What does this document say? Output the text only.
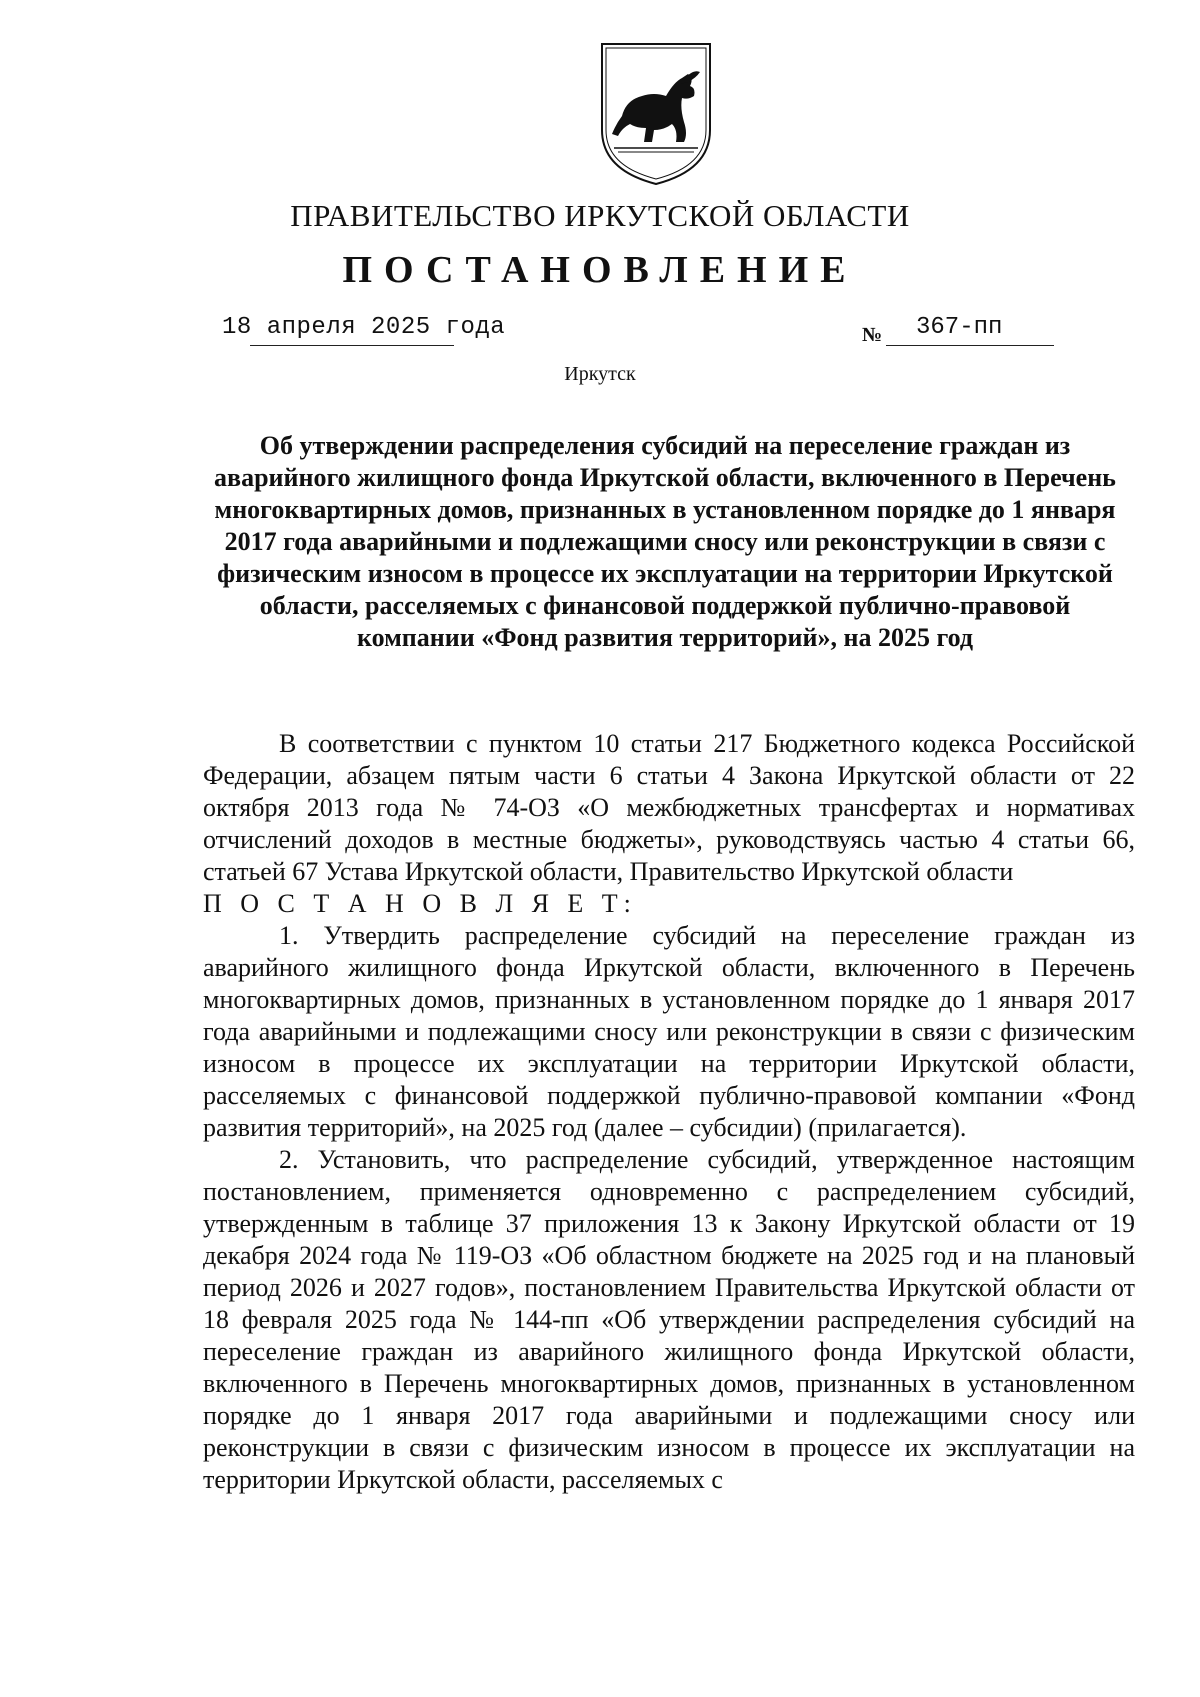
ПРАВИТЕЛЬСТВО ИРКУТСКОЙ ОБЛАСТИ
ПОСТАНОВЛЕНИЕ
18 апреля 2025 года	№ 367-пп
Иркутск
Об утверждении распределения субсидий на переселение граждан из аварийного жилищного фонда Иркутской области, включенного в Перечень многоквартирных домов, признанных в установленном порядке до 1 января 2017 года аварийными и подлежащими сносу или реконструкции в связи с физическим износом в процессе их эксплуатации на территории Иркутской области, расселяемых с финансовой поддержкой публично-правовой компании «Фонд развития территорий», на 2025 год

В соответствии с пунктом 10 статьи 217 Бюджетного кодекса Российской Федерации, абзацем пятым части 6 статьи 4 Закона Иркутской области от 22 октября 2013 года № 74-ОЗ «О межбюджетных трансфертах и нормативах отчислений доходов в местные бюджеты», руководствуясь частью 4 статьи 66, статьей 67 Устава Иркутской области, Правительство Иркутской области

П О С Т А Н О В Л Я Е Т:

1. Утвердить распределение субсидий на переселение граждан из аварийного жилищного фонда Иркутской области, включенного в Перечень многоквартирных домов, признанных в установленном порядке до 1 января 2017 года аварийными и подлежащими сносу или реконструкции в связи с физическим износом в процессе их эксплуатации на территории Иркутской области, расселяемых с финансовой поддержкой публично-правовой компании «Фонд развития территорий», на 2025 год (далее – субсидии) (прилагается).

2. Установить, что распределение субсидий, утвержденное настоящим постановлением, применяется одновременно с распределением субсидий, утвержденным в таблице 37 приложения 13 к Закону Иркутской области от 19 декабря 2024 года № 119-ОЗ «Об областном бюджете на 2025 год и на плановый период 2026 и 2027 годов», постановлением Правительства Иркутской области от 18 февраля 2025 года № 144-пп «Об утверждении распределения субсидий на переселение граждан из аварийного жилищного фонда Иркутской области, включенного в Перечень многоквартирных домов, признанных в установленном порядке до 1 января 2017 года аварийными и подлежащими сносу или реконструкции в связи с физическим износом в процессе их эксплуатации на территории Иркутской области, расселяемых с
